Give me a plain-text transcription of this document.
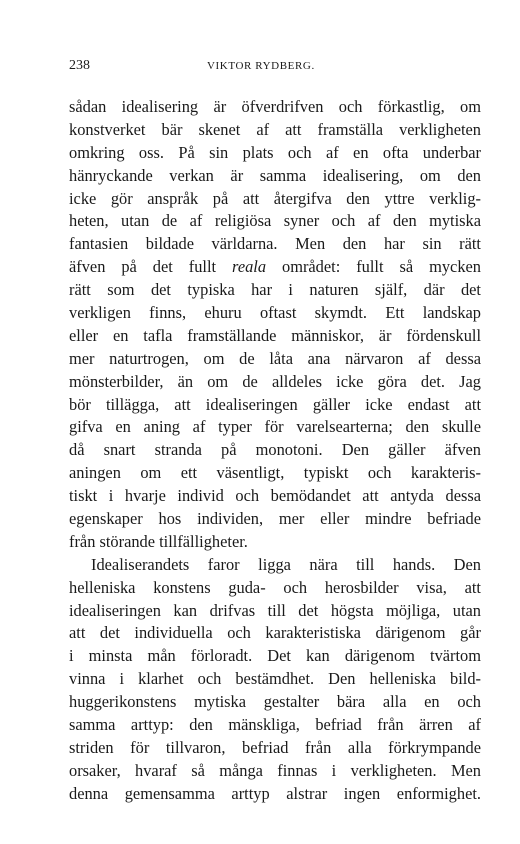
238	VIKTOR RYDBERG.
sådan idealisering är öfverdrifven och förkastlig, om
konstverket bär skenet af att framställa verkligheten
omkring oss. På sin plats och af en ofta underbar
hänryckande verkan är samma idealisering, om den
icke gör anspråk på att återgifva den yttre verklig-
heten, utan de af religiösa syner och af den mytiska
fantasien bildade världarna. Men den har sin rätt
äfven på det fullt reala området: fullt så mycken
rätt som det typiska har i naturen själf, där det
verkligen finns, ehuru oftast skymdt. Ett landskap
eller en tafla framställande människor, är fördenskull
mer naturtrogen, om de låta ana närvaron af dessa
mönsterbilder, än om de alldeles icke göra det. Jag
bör tillägga, att idealiseringen gäller icke endast att
gifva en aning af typer för varelsearterna; den skulle
då snart stranda på monotoni. Den gäller äfven
aningen om ett väsentligt, typiskt och karakteris-
tiskt i hvarje individ och bemödandet att antyda dessa
egenskaper hos individen, mer eller mindre befriade
från störande tillfälligheter.
Idealiserandets faror ligga nära till hands. Den
helleniska konstens guda- och herosbilder visa, att
idealiseringen kan drifvas till det högsta möjliga, utan
att det individuella och karakteristiska därigenom går
i minsta mån förloradt. Det kan därigenom tvärtom
vinna i klarhet och bestämdhet. Den helleniska bild-
huggerikonstens mytiska gestalter bära alla en och
samma arttyp: den mänskliga, befriad från ärren af
striden för tillvaron, befriad från alla förkrympande
orsaker, hvaraf så många finnas i verkligheten. Men
denna gemensamma arttyp alstrar ingen enformighet.
